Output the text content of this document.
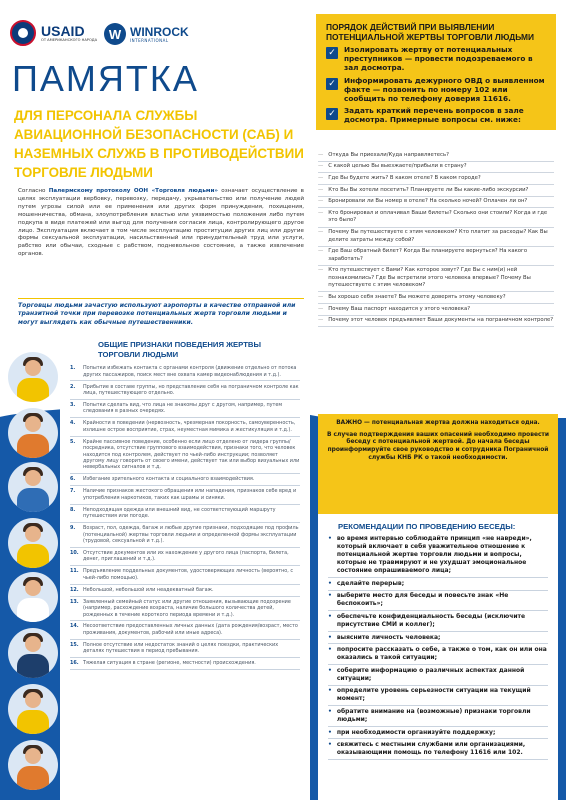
USAID
ОТ АМЕРИКАНСКОГО НАРОДА W WINROCK
INTERNATIONAL
ПАМЯТКА
ДЛЯ ПЕРСОНАЛА СЛУЖБЫ АВИАЦИОННОЙ БЕЗОПАСНОСТИ (САБ) И НАЗЕМНЫХ СЛУЖБ В ПРОТИВОДЕЙСТВИИ ТОРГОВЛЕ ЛЮДЬМИ
Согласно Палермскому протоколу ООН «Торговля людьми» означает осуществление в целях эксплуатации вербовку, перевозку, передачу, укрывательство или получение людей путем угрозы силой или ее применения или других форм принуждения, похищения, мошенничества, обмана, злоупотребления властью или уязвимостью положения либо путем подкупа в виде платежей или выгод для получения согласия лица, контролирующего другое лицо. Эксплуатация включает в том числе эксплуатацию проституции других лиц или другие формы сексуальной эксплуатации, насильственный или принудительный труд или услуги, рабство или обычаи, сходные с рабством, подневольное состояние, а также извлечение органов.
Торговцы людьми зачастую используют аэропорты в качестве отправной или транзитной точки при перевозке потенциальных жертв торговли людьми и могут выглядеть как обычные путешественники.
ПОРЯДОК ДЕЙСТВИЙ ПРИ ВЫЯВЛЕНИИ ПОТЕНЦИАЛЬНОЙ ЖЕРТВЫ ТОРГОВЛИ ЛЮДЬМИ
✓	Изолировать жертву от потенциальных преступников — провести подозреваемого в зал досмотра.
✓	Информировать дежурного ОВД о выявленном факте — позвонить по номеру 102 или сообщить по телефону доверия 11616.
✓	Задать краткий перечень вопросов в зале досмотра. Примерные вопросы см. ниже:
— Откуда Вы приехали/Куда направляетесь?
— С какой целью Вы выезжаете/прибыли в страну?
— Где Вы будете жить? В каком отеле? В каком городе?
— Кто Вы Вы хотели посетить? Планируете ли Вы какие-либо экскурсии?
— Бронировали ли Вы номер в отеле? На сколько ночей? Оплачен ли он?
— Кто бронировал и оплачивал Ваши билеты? Сколько они стоили? Когда и где это было?
— Почему Вы путешествуете с этим человеком? Кто платит за расходы? Как Вы делите затраты между собой?
— Где Ваш обратный билет? Когда Вы планируете вернуться? На какого заработать?
— Кто путешествует с Вами? Как которое зовут? Где Вы с ним(и) ней познакомились? Где Вы встретили этого человека впервые? Почему Вы путешествуете с этим человеком?
— Вы хорошо себя знаете? Вы можете доверять этому человеку?
— Почему Ваш паспорт находится у этого человека?
— Почему этот человек предъявляет Ваши документы на пограничном контроле?
ОБЩИЕ ПРИЗНАКИ ПОВЕДЕНИЯ ЖЕРТВЫ ТОРГОВЛИ ЛЮДЬМИ
1.	Попытки избежать контакта с органами контроля (движение отдельно от потока других пассажиров, поиск мест вне охвата камер видеонаблюдения и т.д.).
2.	Прибытие в составе группы, но представление себя на пограничном контроле как лица, путешествующего отдельно.
3.	Попытки сделать вид, что лица не знакомы друг с другом, например, путем следования в разных очередях.
4.	Крайности в поведении (нервозность, чрезмерная покорность, самоуверенность, излишне острое восприятие, страх, неуместная мимика и жестикуляция и т.д.).
5.	Крайне пассивное поведение, особенно если лицо отделено от лидера группы/ посредника, отсутствие группового взаимодействия, признаки того, что человек находится под контролем, действует по чьей-либо инструкции; позволяет другому лицу говорить от своего имени, действует так или выбор визуальных или невербальных сигналов и т.д.
6.	Избегание зрительного контакта и социального взаимодействия.
7.	Наличие признаков жестокого обращения или нападения, признаков себе вред и употребления наркотиков, таких как шрамы и синяки.
8.	Неподходящая одежда или внешний вид, не соответствующий маршруту путешествия или погоде.
9.	Возраст, пол, одежда, багаж и любые другие признаки, подходящие под профиль (потенциальной) жертвы торговли людьми и определенной формы эксплуатации (трудовой, сексуальной и т.д.).
10. Отсутствие документов или их нахождение у другого лица (паспорта, билета, денег, приглашений и т.д.).
11. Предъявление поддельных документов, удостоверяющих личность (вероятно, с чьей-либо помощью).
12. Небольшой, небольшой или неадекватный багаж.
13. Заявленный семейный статус или другие отношения, вызывающие подозрение (например, расхождение возраста, наличие большого количества детей, рожденных в течение короткого периода времени и т.д.).
14. Несоответствие предоставленных личных данных (дата рождения/возраст, место проживания, документов, рабочий или иные адреса).
15. Полное отсутствие или недостаток знаний о целях поездки, практических деталях путешествия в период пребывания.
16. Тяжелая ситуация в стране (регионе, местности) происхождения.
ВАЖНО — потенциальная жертва должна находиться одна.
В случае подтверждения ваших опасений необходимо провести беседу с потенциальной жертвой. До начала беседы проинформируйте свое руководство и сотрудника Пограничной службы КНБ РК о такой необходимости.
РЕКОМЕНДАЦИИ ПО ПРОВЕДЕНИЮ БЕСЕДЫ:
• во время интервью соблюдайте принцип «не навреди», который включает в себя уважительное отношение к потенциальной жертве торговли людьми и вопросы, которые не травмируют и не ухудшат эмоциональное состояние опрашиваемого лица;
• сделайте перерыв;
• выберите место для беседы и повесьте знак «Не беспокоить»;
• обеспечьте конфиденциальность беседы (исключите присутствие СМИ и коллег);
• выясните личность человека;
• попросите рассказать о себе, а также о том, как он или она оказались в такой ситуации;
• соберите информацию о различных аспектах данной ситуации;
• определите уровень серьезности ситуации на текущий момент;
• обратите внимание на (возможные) признаки торговли людьми;
• при необходимости организуйте поддержку;
• свяжитесь с местными службами или организациями, оказывающими помощь по телефону 11616 или 102.
